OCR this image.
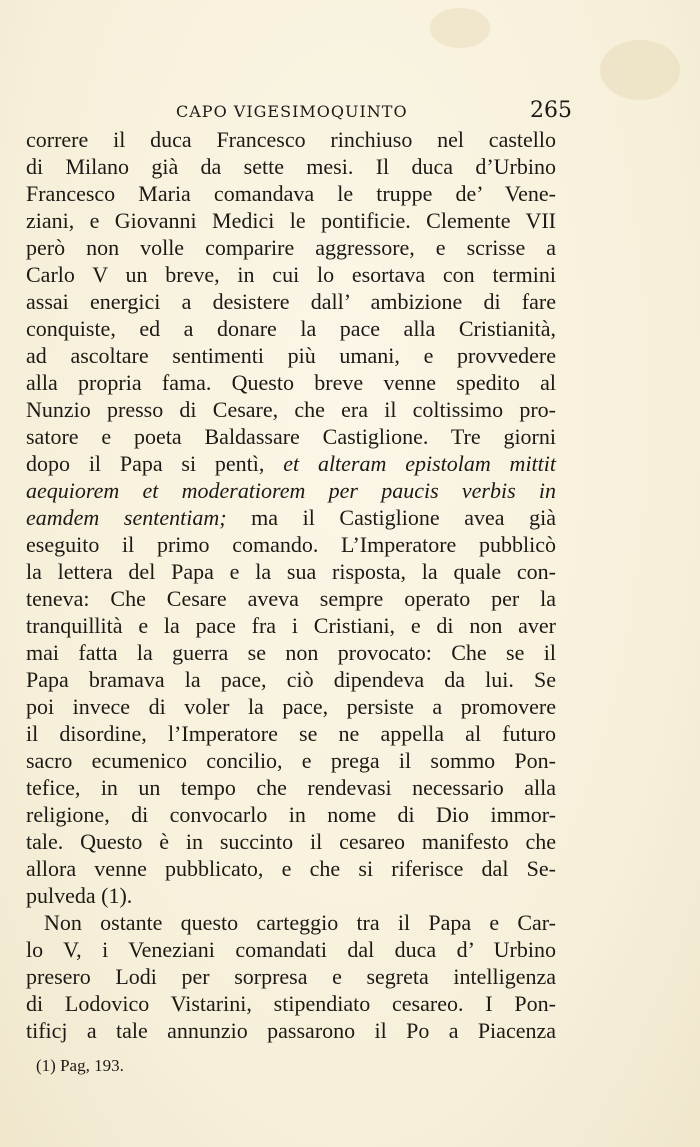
CAPO VIGESIMOQUINTO	265
correre il duca Francesco rinchiuso nel castello
di Milano già da sette mesi. Il duca d’Urbino
Francesco Maria comandava le truppe de’ Vene-
ziani, e Giovanni Medici le pontificie. Clemente VII
però non volle comparire aggressore, e scrisse a
Carlo V un breve, in cui lo esortava con termini
assai energici a desistere dall’ ambizione di fare
conquiste, ed a donare la pace alla Cristianità,
ad ascoltare sentimenti più umani, e provvedere
alla propria fama. Questo breve venne spedito al
Nunzio presso di Cesare, che era il coltissimo pro-
satore e poeta Baldassare Castiglione. Tre giorni
dopo il Papa si pentì, et alteram epistolam mittit
aequiorem et moderatiorem per paucis verbis in
eamdem sententiam; ma il Castiglione avea già
eseguito il primo comando. L’Imperatore pubblicò
la lettera del Papa e la sua risposta, la quale con-
teneva: Che Cesare aveva sempre operato per la
tranquillità e la pace fra i Cristiani, e di non aver
mai fatta la guerra se non provocato: Che se il
Papa bramava la pace, ciò dipendeva da lui. Se
poi invece di voler la pace, persiste a promovere
il disordine, l’Imperatore se ne appella al futuro
sacro ecumenico concilio, e prega il sommo Pon-
tefice, in un tempo che rendevasi necessario alla
religione, di convocarlo in nome di Dio immor-
tale. Questo è in succinto il cesareo manifesto che
allora venne pubblicato, e che si riferisce dal Se-
pulveda (1).
Non ostante questo carteggio tra il Papa e Car-
lo V, i Veneziani comandati dal duca d’ Urbino
presero Lodi per sorpresa e segreta intelligenza
di Lodovico Vistarini, stipendiato cesareo. I Pon-
tificj a tale annunzio passarono il Po a Piacenza
(1) Pag, 193.
